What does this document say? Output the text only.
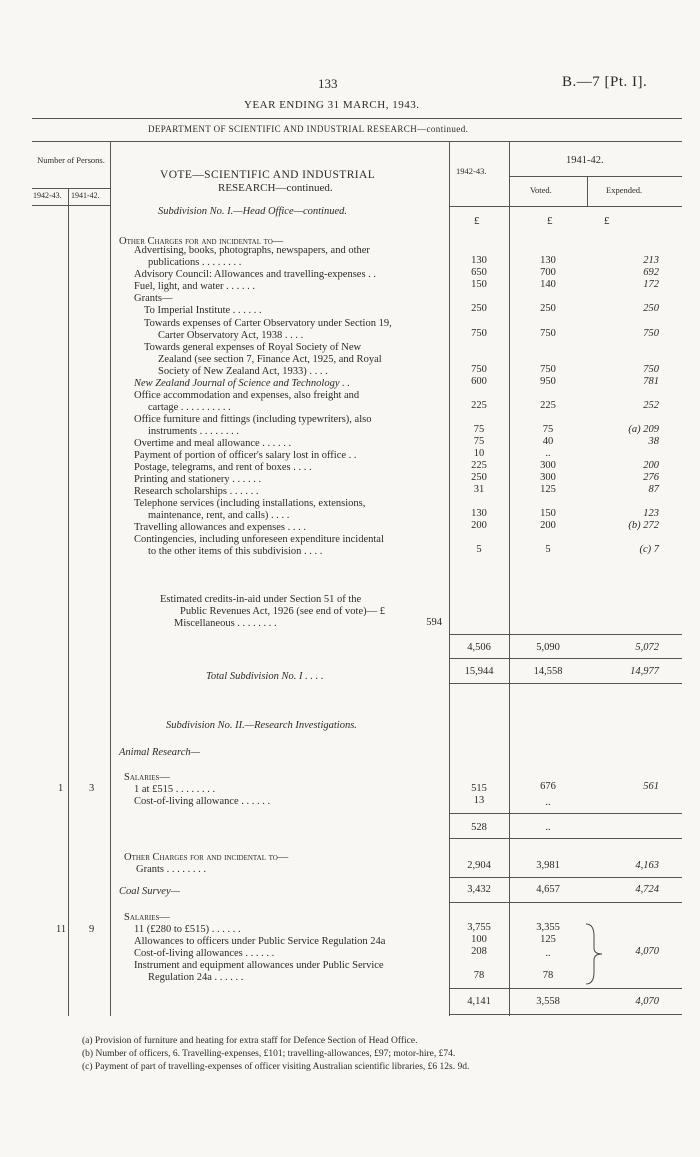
133	B.—7 [Pt. I].
YEAR ENDING 31 MARCH, 1943.
DEPARTMENT OF SCIENTIFIC AND INDUSTRIAL RESEARCH—continued.
Number of Persons.
1942-43. 1941-42.
VOTE—SCIENTIFIC AND INDUSTRIAL
RESEARCH—continued.
1942-43.
1941-42.
Voted.	Expended.
£	£	£
Subdivision No. I.—Head Office—continued.
Other Charges for and incidental to—
Advertising, books, photographs, newspapers, and other
publications . . . . . . . .	130	130	213
Advisory Council: Allowances and travelling-expenses . .	650	700	692
Fuel, light, and water . . . . . .	150	140	172
Grants—
To Imperial Institute . . . . . .	250	250	250
Towards expenses of Carter Observatory under Section 19,
Carter Observatory Act, 1938 . . . .	750	750	750
Towards general expenses of Royal Society of New
Zealand (see section 7, Finance Act, 1925, and Royal
Society of New Zealand Act, 1933) . . . .	750	750	750
New Zealand Journal of Science and Technology . .	600	950	781
Office accommodation and expenses, also freight and
cartage . . . . . . . . . .	225	225	252
Office furniture and fittings (including typewriters), also
instruments . . . . . . . .	75	75	(a) 209
Overtime and meal allowance . . . . . .	75	40	38
Payment of portion of officer's salary lost in office . .	10	..
Postage, telegrams, and rent of boxes . . . .	225	300	200
Printing and stationery . . . . . .	250	300	276
Research scholarships . . . . . .	31	125	87
Telephone services (including installations, extensions,
maintenance, rent, and calls) . . . .	130	150	123
Travelling allowances and expenses . . . .	200	200	(b) 272
Contingencies, including unforeseen expenditure incidental
to the other items of this subdivision . . . .	5	5	(c) 7
Estimated credits-in-aid under Section 51 of the
Public Revenues Act, 1926 (see end of vote)— £
Miscellaneous . . . . . . . .	594
4,506	5,090	5,072
Total Subdivision No. I . . . .	15,944	14,558	14,977
Subdivision No. II.—Research Investigations.
Animal Research—
Salaries—
1 3	1 at £515 . . . . . . . .	515	676	561
Cost-of-living allowance . . . . . .	13	..
528	..
Other Charges for and incidental to—
Grants . . . . . . . .	2,904	3,981	4,163
Coal Survey—	3,432	4,657	4,724
Salaries—
11 9	11 (£280 to £515) . . . . . .	3,755	3,355
Allowances to officers under Public Service Regulation 24a	100	125
Cost-of-living allowances . . . . . .	208	..
Instrument and equipment allowances under Public Service
Regulation 24a . . . . . .	78	78
4,070
4,141	3,558	4,070
(a) Provision of furniture and heating for extra staff for Defence Section of Head Office.
(b) Number of officers, 6. Travelling-expenses, £101; travelling-allowances, £97; motor-hire, £74.
(c) Payment of part of travelling-expenses of officer visiting Australian scientific libraries, £6 12s. 9d.
